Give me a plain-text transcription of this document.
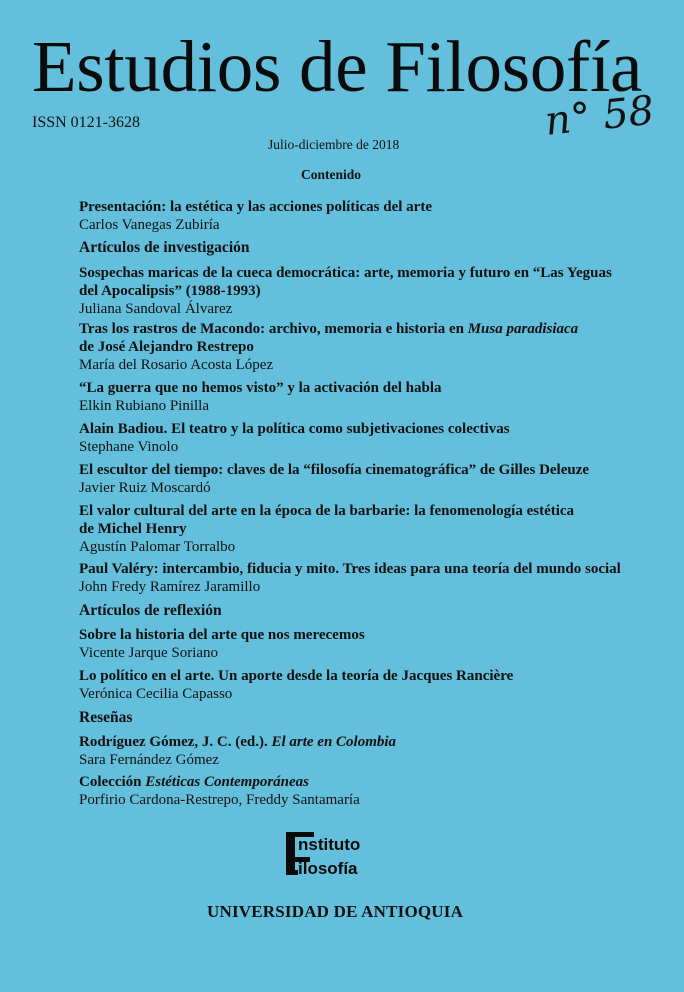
Estudios de Filosofía
ISSN 0121-3628	n° 58
Julio-diciembre de 2018
Contenido
Presentación: la estética y las acciones políticas del arte
Carlos Vanegas Zubiría
Artículos de investigación
Sospechas maricas de la cueca democrática: arte, memoria y futuro en “Las Yeguas
del Apocalipsis” (1988-1993)
Juliana Sandoval Álvarez
Tras los rastros de Macondo: archivo, memoria e historia en Musa paradisiaca
de José Alejandro Restrepo
María del Rosario Acosta López
“La guerra que no hemos visto” y la activación del habla
Elkin Rubiano Pinilla
Alain Badiou. El teatro y la política como subjetivaciones colectivas
Stephane Vinolo
El escultor del tiempo: claves de la “filosofía cinematográfica” de Gilles Deleuze
Javier Ruiz Moscardó
El valor cultural del arte en la época de la barbarie: la fenomenología estética
de Michel Henry
Agustín Palomar Torralbo
Paul Valéry: intercambio, fiducia y mito. Tres ideas para una teoría del mundo social
John Fredy Ramírez Jaramillo
Artículos de reflexión
Sobre la historia del arte que nos merecemos
Vicente Jarque Soriano
Lo político en el arte. Un aporte desde la teoría de Jacques Rancière
Verónica Cecilia Capasso
Reseñas
Rodríguez Gómez, J. C. (ed.). El arte en Colombia
Sara Fernández Gómez
Colección Estéticas Contemporáneas
Porfirio Cardona-Restrepo, Freddy Santamaría
nstituto
ilosofía
UNIVERSIDAD DE ANTIOQUIA
